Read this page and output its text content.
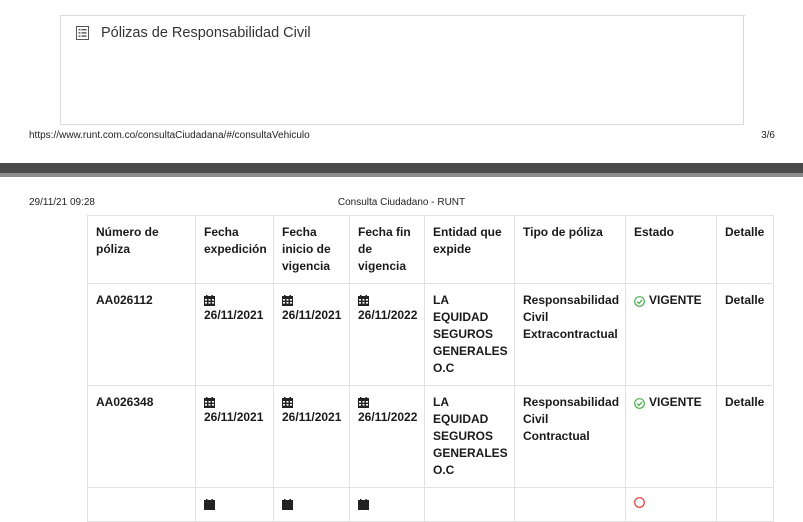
Pólizas de Responsabilidad Civil
https://www.runt.com.co/consultaCiudadana/#/consultaVehiculo	3/6
Consulta Ciudadano - RUNT
29/11/21 09:28
Número de póliza	Fecha expedición	Fecha inicio de vigencia	Fecha fin de vigencia	Entidad que expide	Tipo de póliza	Estado	Detalle
AA026112	26/11/2021	26/11/2021	26/11/2022	LA EQUIDAD SEGUROS GENERALES O.C	Responsabilidad Civil Extracontractual	VIGENTE	Detalle
AA026348	26/11/2021	26/11/2021	26/11/2022	LA EQUIDAD SEGUROS GENERALES O.C	Responsabilidad Civil Contractual	VIGENTE	Detalle
